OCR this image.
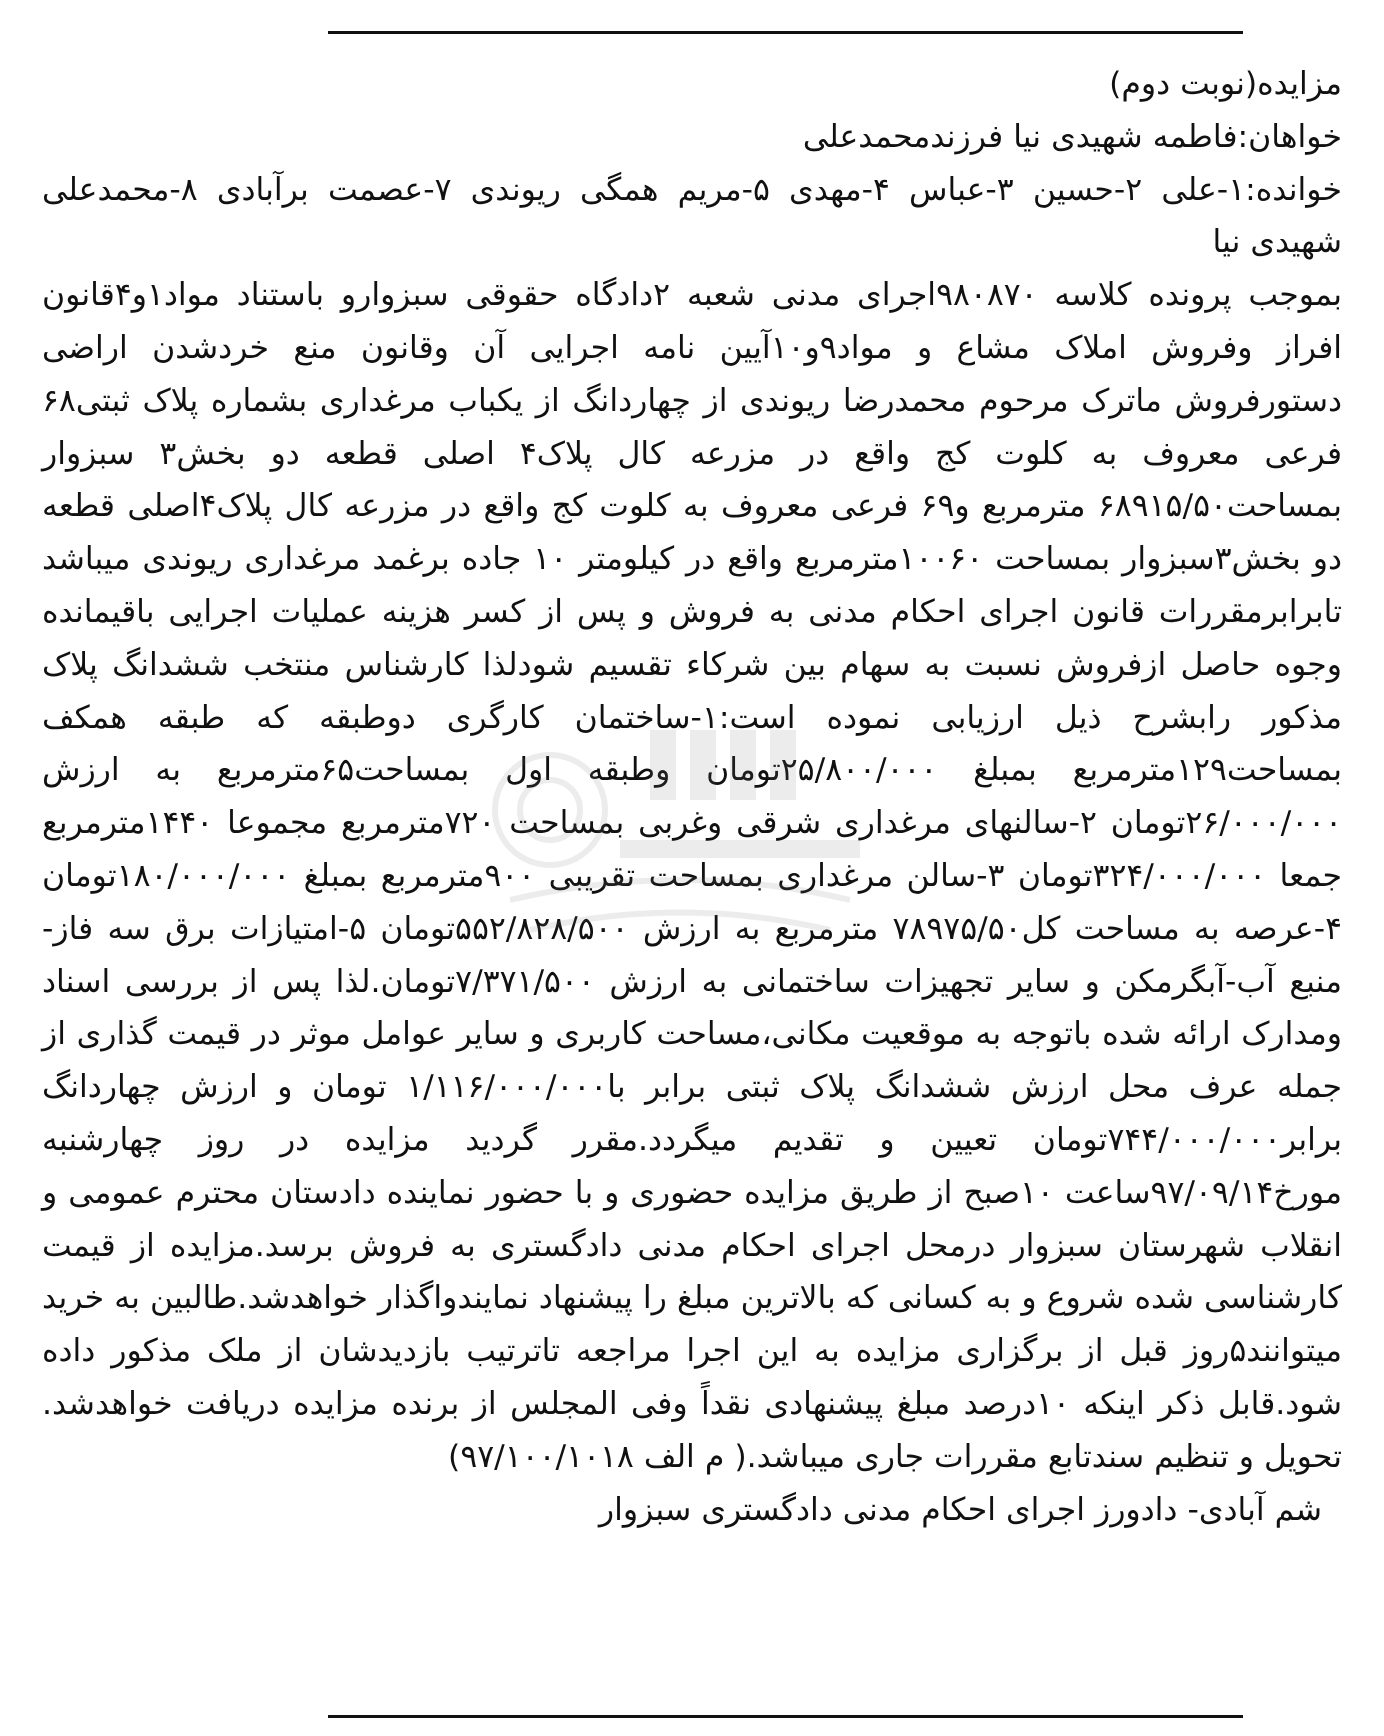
مزایده(نوبت دوم)
خواهان:فاطمه شهیدی نیا فرزندمحمدعلی
خوانده:۱-علی ۲-حسین ۳-عباس ۴-مهدی ۵-مریم همگی ریوندی ۷-عصمت برآبادی ۸-محمدعلی شهیدی نیا
بموجب پرونده کلاسه ۹۸۰۸۷۰اجرای مدنی شعبه ۲دادگاه حقوقی سبزوارو باستناد مواد۱و۴قانون افراز وفروش املاک مشاع و مواد۹و۱۰آیین نامه اجرایی آن وقانون منع خردشدن اراضی دستورفروش ماترک مرحوم محمدرضا ریوندی از چهاردانگ از یکباب مرغداری بشماره پلاک ثبتی۶۸ فرعی معروف به کلوت کج واقع در مزرعه کال پلاک۴ اصلی قطعه دو بخش۳ سبزوار بمساحت۶۸۹۱۵/۵۰ مترمربع و۶۹ فرعی معروف به کلوت کج واقع در مزرعه کال پلاک۴اصلی قطعه دو بخش۳سبزوار بمساحت ۱۰۰۶۰مترمربع واقع در کیلومتر ۱۰ جاده برغمد مرغداری ریوندی میباشد تابرابرمقررات قانون اجرای احکام مدنی به فروش و پس از کسر هزینه عملیات اجرایی باقیمانده وجوه حاصل ازفروش نسبت به سهام بین شرکاء تقسیم شودلذا کارشناس منتخب ششدانگ پلاک مذکور رابشرح ذیل ارزیابی نموده است:۱-ساختمان کارگری دوطبقه که طبقه همکف بمساحت۱۲۹مترمربع بمبلغ ۲۵/۸۰۰/۰۰۰تومان وطبقه اول بمساحت۶۵مترمربع به ارزش ۲۶/۰۰۰/۰۰۰تومان ۲-سالنهای مرغداری شرقی وغربی بمساحت ۷۲۰مترمربع مجموعا ۱۴۴۰مترمربع جمعا ۳۲۴/۰۰۰/۰۰۰تومان ۳-سالن مرغداری بمساحت تقریبی ۹۰۰مترمربع بمبلغ ۱۸۰/۰۰۰/۰۰۰تومان ۴-عرصه به مساحت کل۷۸۹۷۵/۵۰ مترمربع به ارزش ۵۵۲/۸۲۸/۵۰۰تومان ۵-امتیازات برق سه فاز-منبع آب-آبگرمکن و سایر تجهیزات ساختمانی به ارزش ۷/۳۷۱/۵۰۰تومان.لذا پس از بررسی اسناد ومدارک ارائه شده باتوجه به موقعیت مکانی،مساحت کاربری و سایر عوامل موثر در قیمت گذاری از جمله عرف محل ارزش ششدانگ پلاک ثبتی برابر با۱/۱۱۶/۰۰۰/۰۰۰ تومان و ارزش چهاردانگ برابر۷۴۴/۰۰۰/۰۰۰تومان تعیین و تقدیم میگردد.مقرر گردید مزایده در روز چهارشنبه مورخ۹۷/۰۹/۱۴ساعت ۱۰صبح از طریق مزایده حضوری و با حضور نماینده دادستان محترم عمومی و انقلاب شهرستان سبزوار درمحل اجرای احکام مدنی دادگستری به فروش برسد.مزایده از قیمت کارشناسی شده شروع و به کسانی که بالاترین مبلغ را پیشنهاد نمایندواگذار خواهدشد.طالبین به خرید میتوانند۵روز قبل از برگزاری مزایده به این اجرا مراجعه تاترتیب بازدیدشان از ملک مذکور داده شود.قابل ذکر اینکه ۱۰درصد مبلغ پیشنهادی نقداً وفی المجلس از برنده مزایده دریافت خواهدشد. تحویل و تنظیم سندتابع مقررات جاری میباشد.( م الف ۹۷/۱۰۰/۱۰۱۸)
شم آبادی- دادورز اجرای احکام مدنی دادگستری سبزوار
